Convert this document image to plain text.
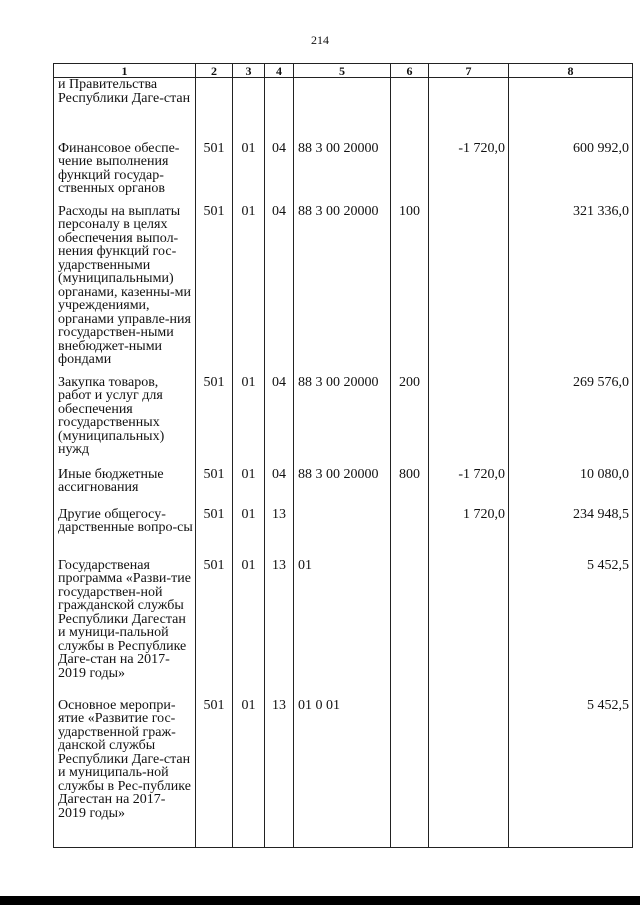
214
1	2	3	4	5	6	7	8
и Правительства Республики Даге-стан							
Финансовое обеспе-чение выполнения функций государ-ственных органов	501	01	04	88 3 00 20000		-1 720,0	600 992,0
Расходы на выплаты персоналу в целях обеспечения выпол-нения функций гос-ударственными (муниципальными) органами, казенны-ми учреждениями, органами управле-ния государствен-ными внебюджет-ными фондами	501	01	04	88 3 00 20000	100		321 336,0
Закупка товаров, работ и услуг для обеспечения государственных (муниципальных) нужд	501	01	04	88 3 00 20000	200		269 576,0
Иные бюджетные ассигнования	501	01	04	88 3 00 20000	800	-1 720,0	10 080,0
Другие общегосу-дарственные вопро-сы	501	01	13			1 720,0	234 948,5
Государственая программа «Разви-тие государствен-ной гражданской службы Республики Дагестан и муници-пальной службы в Республике Даге-стан на 2017-2019 годы»	501	01	13	01			5 452,5
Основное меропри-ятие «Развитие гос-ударственной граж-данской службы Республики Даге-стан и муниципаль-ной службы в Рес-публике Дагестан на 2017-2019 годы»	501	01	13	01 0 01			5 452,5
